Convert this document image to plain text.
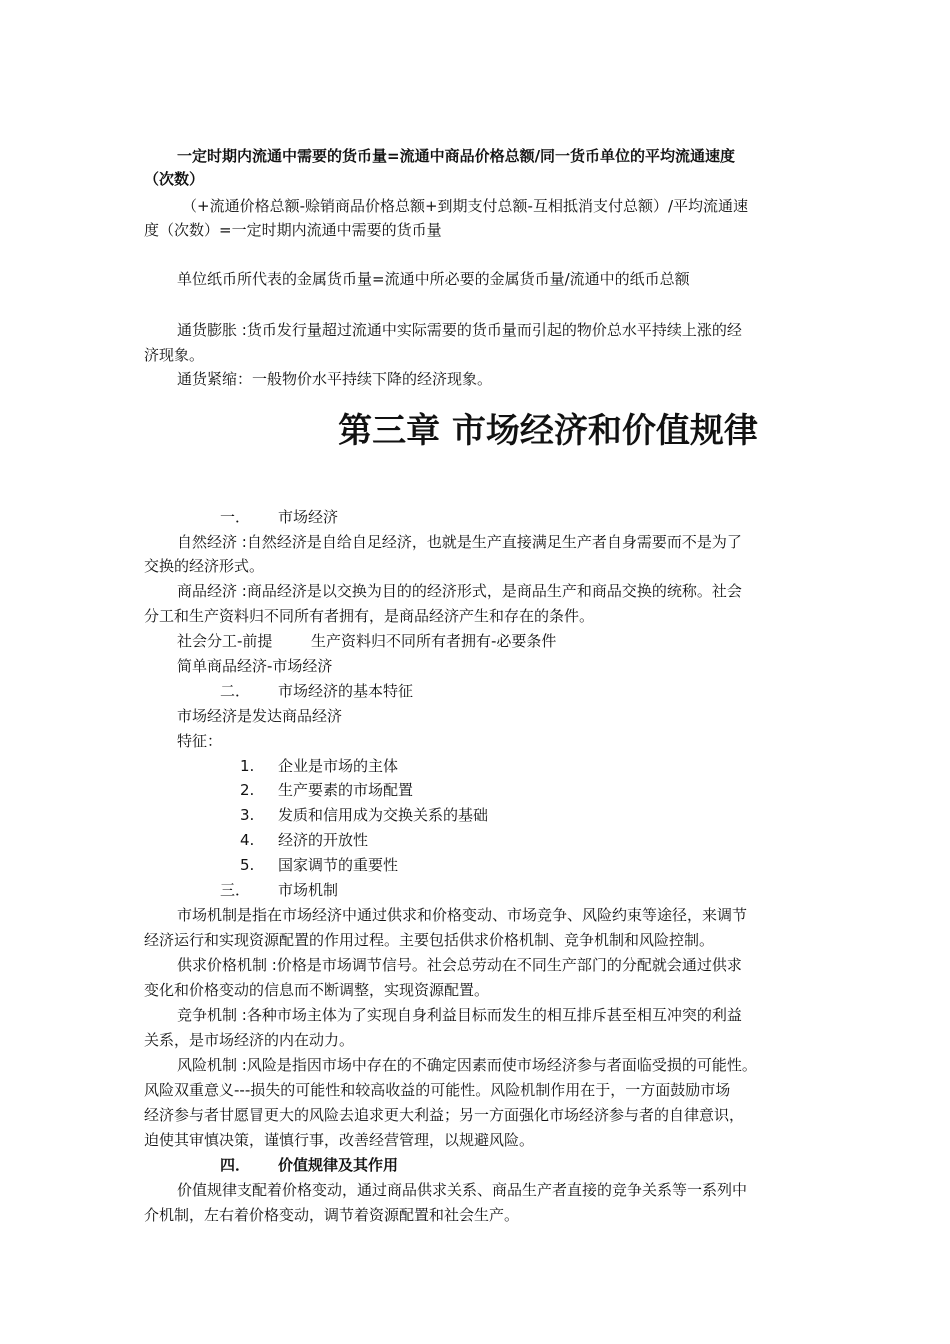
一定时期内流通中需要的货币量=流通中商品价格总额/同一货币单位的平均流通速度
（次数）
（+流通价格总额-赊销商品价格总额+到期支付总额-互相抵消支付总额）/平均流通速
度（次数）=一定时期内流通中需要的货币量
单位纸币所代表的金属货币量=流通中所必要的金属货币量/流通中的纸币总额
通货膨胀 :货币发行量超过流通中实际需要的货币量而引起的物价总水平持续上涨的经
济现象。
通货紧缩：一般物价水平持续下降的经济现象。
第三章 市场经济和价值规律
一． 市场经济
自然经济 :自然经济是自给自足经济，也就是生产直接满足生产者自身需要而不是为了
交换的经济形式。
商品经济 :商品经济是以交换为目的的经济形式，是商品生产和商品交换的统称。社会
分工和生产资料归不同所有者拥有，是商品经济产生和存在的条件。
社会分工-前提	生产资料归不同所有者拥有-必要条件
简单商品经济-市场经济
二． 市场经济的基本特征
市场经济是发达商品经济
特征：
1. 企业是市场的主体
2. 生产要素的市场配置
3. 发质和信用成为交换关系的基础
4. 经济的开放性
5. 国家调节的重要性
三． 市场机制
市场机制是指在市场经济中通过供求和价格变动、市场竞争、风险约束等途径，来调节
经济运行和实现资源配置的作用过程。主要包括供求价格机制、竞争机制和风险控制。
供求价格机制 :价格是市场调节信号。社会总劳动在不同生产部门的分配就会通过供求
变化和价格变动的信息而不断调整，实现资源配置。
竞争机制 :各种市场主体为了实现自身利益目标而发生的相互排斥甚至相互冲突的利益
关系，是市场经济的内在动力。
风险机制 :风险是指因市场中存在的不确定因素而使市场经济参与者面临受损的可能性。
风险双重意义---损失的可能性和较高收益的可能性。风险机制作用在于，一方面鼓励市场
经济参与者甘愿冒更大的风险去追求更大利益；另一方面强化市场经济参与者的自律意识，
迫使其审慎决策，谨慎行事，改善经营管理，以规避风险。
四． 价值规律及其作用
价值规律支配着价格变动，通过商品供求关系、商品生产者直接的竞争关系等一系列中
介机制，左右着价格变动，调节着资源配置和社会生产。
